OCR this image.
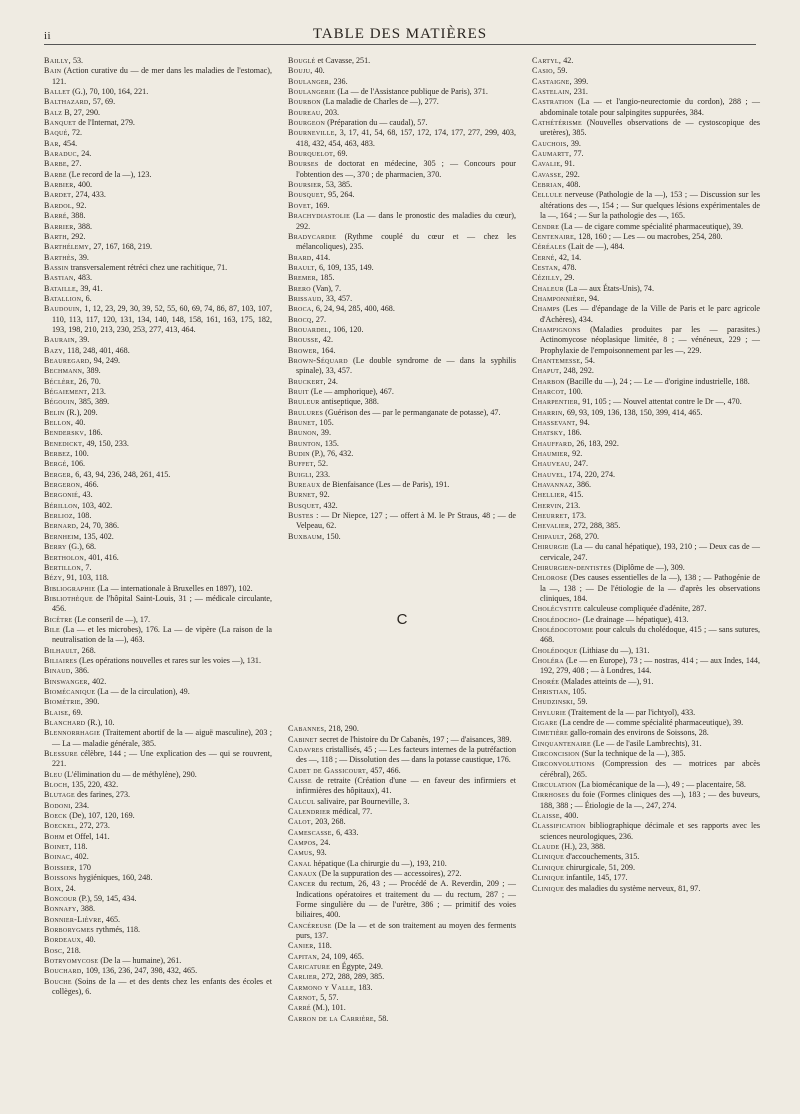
ii	TABLE DES MATIÈRES

Bailly, 53.

Bain (Action curative du — de mer dans les maladies de l'estomac), 121.

Ballet (G.), 70, 100, 164, 221.

Balthazard, 57, 69.

Balz B, 27, 290.

Banquet de l'Internat, 279.

Baqué, 72.

Bar, 454.

Baraduc, 24.

Barbe, 27.

Barbe (Le record de la —), 123.

Barbier, 400.

Bardet, 274, 433.

Bardol, 92.

Barré, 388.

Barrier, 388.

Barth, 292.

Barthélemy, 27, 167, 168, 219.

Barthès, 39.

Bassin transversalement rétréci chez une rachitique, 71.

Bastian, 483.

Bataille, 39, 41.

Batallion, 6.

Baudouin, 1, 12, 23, 29, 30, 39, 52, 55, 60, 69, 74, 86, 87, 103, 107, 110, 113, 117, 120, 131, 134, 140, 148, 158, 161, 163, 175, 182, 193, 198, 210, 213, 230, 253, 277, 413, 464.

Baurain, 39.

Bazy, 118, 248, 401, 468.

Beauregard, 94, 249.

Bechmann, 389.

Béclère, 26, 70.

Bégaiement, 213.

Bégouin, 385, 389.

Belin (R.), 209.

Bellon, 40.

Benderskv, 186.

Benedickt, 49, 150, 233.

Berbez, 100.

Bergé, 106.

Berger, 6, 43, 94, 236, 248, 261, 415.

Bergeron, 466.

Bergonié, 43.

Bérillon, 103, 402.

Berlioz, 108.

Bernard, 24, 70, 386.

Bernheim, 135, 402.

Berry (G.), 68.

Bertholon, 401, 416.

Bertillon, 7.

Bézy, 91, 103, 118.

Bibliographie (La — internationale à Bruxelles en 1897), 102.

Bibliothèque de l'hôpital Saint-Louis, 31 ; — médicale circulante, 456.

Bicêtre (Le conseril de —), 17.

Bile (La — et les microbes), 176. La — de vipère (La raison de la neutralisation de la —), 463.

Bilhault, 268.

Biliaires (Les opérations nouvelles et rares sur les voies —), 131.

Binaud, 386.

Binswanger, 402.

Biomécanique (La — de la circulation), 49.

Biométrie, 390.

Blaise, 69.

Blanchard (R.), 10.

Blennorrhagie (Traitement abortif de la — aiguë masculine), 203 ; — La — maladie générale, 385.

Blessure célèbre, 144 ; — Une explication des — qui se rouvrent, 221.

Bleu (L'élimination du — de méthylène), 290.

Bloch, 135, 220, 432.

Blutage des farines, 273.

Bodoni, 234.

Boeck (De), 107, 120, 169.

Boeckel, 272, 273.

Bohm et Offel, 141.

Boinet, 118.

Boinac, 402.

Boissier, 170

Boissons hygiéniques, 160, 248.

Boix, 24.

Boncour (P.), 59, 145, 434.

Bonnafy, 388.

Bonnier-Lièvre, 465.

Borborygmes rythmés, 118.

Bordeaux, 40.

Bosc, 218.

Botryomycose (De la — humaine), 261.

Bouchard, 109, 136, 236, 247, 398, 432, 465.

Bouche (Soins de la — et des dents chez les enfants des écoles et collèges), 6.

Bouglé et Cavasse, 251.

Bouju, 40.

Boulanger, 236.

Boulangerie (La — de l'Assistance publique de Paris), 371.

Bourbon (La maladie de Charles de —), 277.

Boureau, 203.

Bourgeon (Préparation du — caudal), 57.

Bourneville, 3, 17, 41, 54, 68, 157, 172, 174, 177, 277, 299, 403, 418, 432, 454, 463, 483.

Bourquelot, 69.

Bourses de doctorat en médecine, 305 ; — Concours pour l'obtention des —, 370 ; de pharmacien, 370.

Boursier, 53, 385.

Bousquet, 95, 264.

Bovet, 169.

Brachydiastolie (La — dans le pronostic des maladies du cœur), 292.

Bradycardie (Rythme couplé du cœur et — chez les mélancoliques), 235.

Brard, 414.

Brault, 6, 109, 135, 149.

Bremer, 185.

Brero (Van), 7.

Brissaud, 33, 457.

Broca, 6, 24, 94, 285, 400, 468.

Brocq, 27.

Brouardel, 106, 120.

Brousse, 42.

Brower, 164.

Brown-Séquard (Le double syndrome de — dans la syphilis spinale), 33, 457.

Bruckert, 24.

Bruit (Le — amphorique), 467.

Bruleur antiseptique, 388.

Brulures (Guérison des — par le permanganate de potasse), 47.

Brunet, 105.

Brunon, 39.

Brunton, 135.

Budin (P.), 76, 432.

Buffet, 52.

Buigli, 233.

Bureaux de Bienfaisance (Les — de Paris), 191.

Burnet, 92.

Busquet, 432.

Bustes : — Dr Niepce, 127 ; — offert à M. le Pr Straus, 48 ; — de Velpeau, 62.

Buxbaum, 150.

C

Cabannes, 218, 290.

Cabinet secret de l'histoire du Dr Cabanès, 197 ; — d'aisances, 389.

Cadavres cristallisés, 45 ; — Les facteurs internes de la putréfaction des —, 118 ; — Dissolution des — dans la potasse caustique, 176.

Cadet de Gassicourt, 457, 466.

Caisse de retraite (Création d'une — en faveur des infirmiers et infirmières des hôpitaux), 41.

Calcul salivaire, par Bourneville, 3.

Calendrier médical, 77.

Calot, 203, 268.

Camescasse, 6, 433.

Campos, 24.

Camus, 93.

Canal hépatique (La chirurgie du —), 193, 210.

Canaux (De la suppuration des — accessoires), 272.

Cancer du rectum, 26, 43 ; — Procédé de A. Reverdin, 209 ; — Indications opératoires et traitement du — du rectum, 287 ; — Forme singulière du — de l'urètre, 386 ; — primitif des voies biliaires, 400.

Cancéreuse (De la — et de son traitement au moyen des ferments purs, 137.

Canier, 118.

Capitan, 24, 109, 465.

Caricature en Égypte, 249.

Carlier, 272, 288, 289, 385.

Carmono y Valle, 183.

Carnot, 5, 57.

Carré (M.), 101.

Carron de la Carrière, 58.

Cartyl, 42.

Casio, 59.

Castaigne, 399.

Castelain, 231.

Castration (La — et l'angio-neurectomie du cordon), 288 ; — abdominale totale pour salpingites suppurées, 384.

Cathétérisme (Nouvelles observations de — cystoscopique des uretères), 385.

Cauchois, 39.

Caumartt, 77.

Cavalie, 91.

Cavasse, 292.

Cebrian, 408.

Cellule nerveuse (Pathologie de la —), 153 ; — Discussion sur les altérations des —, 154 ; — Sur quelques lésions expérimentales de la —, 164 ; — Sur la pathologie des —, 165.

Cendre (La — de cigare comme spécialité pharmaceutique), 39.

Centenaire, 128, 160 ; — Les — ou macrobes, 254, 280.

Céréales (Lait de —), 484.

Cerné, 42, 14.

Cestan, 478.

Cézilly, 29.

Chaleur (La — aux États-Unis), 74.

Champonnière, 94.

Champs (Les — d'épandage de la Ville de Paris et le parc agricole d'Achères), 434.

Champignons (Maladies produites par les — parasites.) Actinomycose néoplasique limitée, 8 ; — vénéneux, 229 ; — Prophylaxie de l'empoisonnement par les —, 229.

Chantemesse, 54.

Chaput, 248, 292.

Charbon (Bacille du —), 24 ; — Le — d'origine industrielle, 188.

Charcot, 100.

Charpentier, 91, 105 ; — Nouvel attentat contre le Dr —, 470.

Charrin, 69, 93, 109, 136, 138, 150, 399, 414, 465.

Chassevant, 94.

Chatsky, 186.

Chauffard, 26, 183, 292.

Chaumier, 92.

Chauveau, 247.

Chauvel, 174, 220, 274.

Chavannaz, 386.

Chellier, 415.

Chervin, 213.

Cheurret, 173.

Chevalier, 272, 288, 385.

Chipault, 268, 270.

Chirurgie (La — du canal hépatique), 193, 210 ; — Deux cas de — cervicale, 247.

Chirurgien-dentistes (Diplôme de —), 309.

Chlorose (Des causes essentielles de la —), 138 ; — Pathogénie de la —, 138 ; — De l'étiologie de la — d'après les observations cliniques, 184.

Cholécystite calculeuse compliquée d'adénite, 287.

Cholédocho- (Le drainage — hépatique), 413.

Cholédocotomie pour calculs du cholédoque, 415 ; — sans sutures, 468.

Cholédoque (Lithiase du —), 131.

Choléra (Le — en Europe), 73 ; — nostras, 414 ; — aux Indes, 144, 192, 279, 408 ; — à Londres, 144.

Chorée (Malades atteints de —), 91.

Christian, 105.

Chudzinski, 59.

Chylurie (Traitement de la — par l'ichtyol), 433.

Cigare (La cendre de — comme spécialité pharmaceutique), 39.

Cimetière gallo-romain des environs de Soissons, 28.

Cinquantenaire (Le — de l'asile Lambrechts), 31.

Circoncision (Sur la technique de la —), 385.

Circonvolutions (Compression des — motrices par abcès cérébral), 265.

Circulation (La biomécanique de la —), 49 ; — placentaire, 58.

Cirrhoses du foie (Formes cliniques des —), 183 ; — des buveurs, 188, 388 ; — Étiologie de la —, 247, 274.

Claisse, 400.

Classification bibliographique décimale et ses rapports avec les sciences neurologiques, 236.

Claude (H.), 23, 388.

Clinique d'accouchements, 315.

Clinique chirurgicale, 51, 209.

Clinique infantile, 145, 177.

Clinique des maladies du système nerveux, 81, 97.
